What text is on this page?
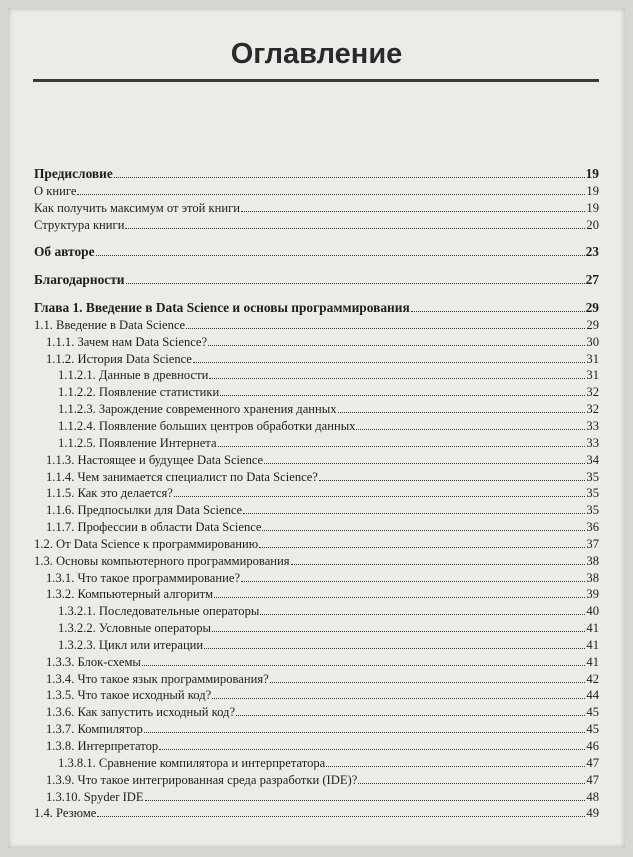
Оглавление
Предисловие	19
О книге	19
Как получить максимум от этой книги	19
Структура книги	20
Об авторе	23
Благодарности	27
Глава 1. Введение в Data Science и основы программирования	29
1.1. Введение в Data Science	29
1.1.1. Зачем нам Data Science?	30
1.1.2. История Data Science	31
1.1.2.1. Данные в древности	31
1.1.2.2. Появление статистики	32
1.1.2.3. Зарождение современного хранения данных	32
1.1.2.4. Появление больших центров обработки данных	33
1.1.2.5. Появление Интернета	33
1.1.3. Настоящее и будущее Data Science	34
1.1.4. Чем занимается специалист по Data Science?	35
1.1.5. Как это делается?	35
1.1.6. Предпосылки для Data Science	35
1.1.7. Профессии в области Data Science	36
1.2. От Data Science к программированию	37
1.3. Основы компьютерного программирования	38
1.3.1. Что такое программирование?	38
1.3.2. Компьютерный алгоритм	39
1.3.2.1. Последовательные операторы	40
1.3.2.2. Условные операторы	41
1.3.2.3. Цикл или итерации	41
1.3.3. Блок-схемы	41
1.3.4. Что такое язык программирования?	42
1.3.5. Что такое исходный код?	44
1.3.6. Как запустить исходный код?	45
1.3.7. Компилятор	45
1.3.8. Интерпретатор	46
1.3.8.1. Сравнение компилятора и интерпретатора	47
1.3.9. Что такое интегрированная среда разработки (IDE)?	47
1.3.10. Spyder IDE	48
1.4. Резюме	49
